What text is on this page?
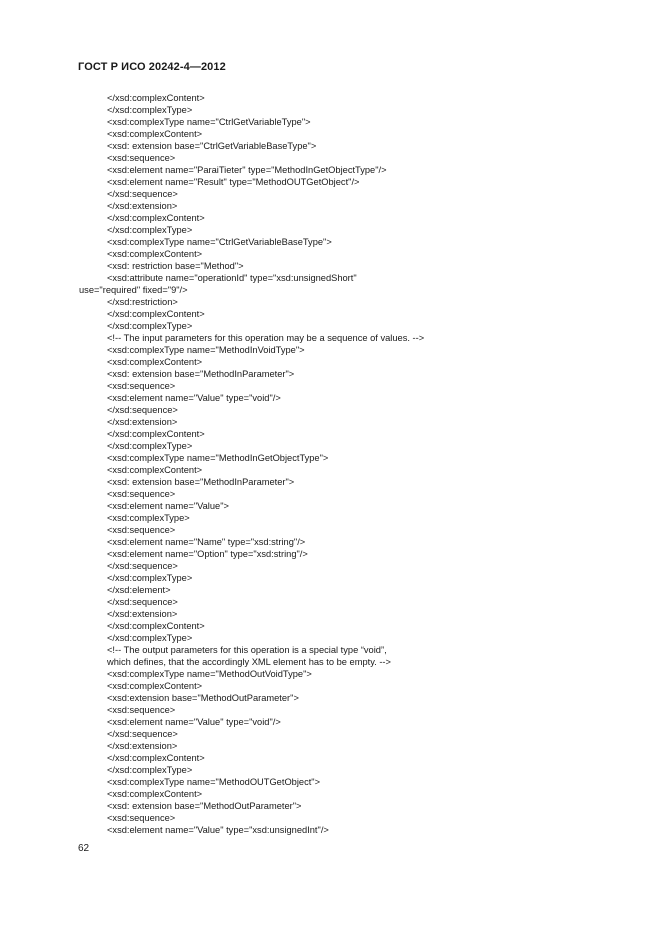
ГОСТ Р ИСО 20242-4—2012
</xsd:complexContent>
</xsd:complexType>
<xsd:complexType name="CtrlGetVariableType">
<xsd:complexContent>
<xsd: extension base="CtrlGetVariableBaseType">
<xsd:sequence>
<xsd:element name="ParaiTieter" type="MethodInGetObjectType"/>
<xsd:element name="Result" type="MethodOUTGetObject"/>
</xsd:sequence>
</xsd:extension>
</xsd:complexContent>
</xsd:complexType>
<xsd:complexType name="CtrlGetVariableBaseType">
<xsd:complexContent>
<xsd: restriction base="Method">
<xsd:attribute name="operationId" type="xsd:unsignedShort"
use="required" fixed="9"/>
</xsd:restriction>
</xsd:complexContent>
</xsd:complexType>
<!-- The input parameters for this operation may be a sequence of values. -->
<xsd:complexType name="MethodInVoidType">
<xsd:complexContent>
<xsd: extension base="MethodInParameter">
<xsd:sequence>
<xsd:element name="Value" type="void"/>
</xsd:sequence>
</xsd:extension>
</xsd:complexContent>
</xsd:complexType>
<xsd:complexType name="MethodInGetObjectType">
<xsd:complexContent>
<xsd: extension base="MethodInParameter">
<xsd:sequence>
<xsd:element name="Value">
<xsd:complexType>
<xsd:sequence>
<xsd:element name="Name" type="xsd:string"/>
<xsd:element name="Option" type="xsd:string"/>
</xsd:sequence>
</xsd:complexType>
</xsd:element>
</xsd:sequence>
</xsd:extension>
</xsd:complexContent>
</xsd:complexType>
<!-- The output parameters for this operation is a special type “void”,
which defines, that the accordingly XML element has to be empty. -->
<xsd:complexType name="MethodOutVoidType">
<xsd:complexContent>
<xsd:extension base="MethodOutParameter">
<xsd:sequence>
<xsd:element name="Value" type="void"/>
</xsd:sequence>
</xsd:extension>
</xsd:complexContent>
</xsd:complexType>
<xsd:complexType name="MethodOUTGetObject">
<xsd:complexContent>
<xsd: extension base="MethodOutParameter">
<xsd:sequence>
<xsd:element name="Value" type="xsd:unsignedInt"/>
62
